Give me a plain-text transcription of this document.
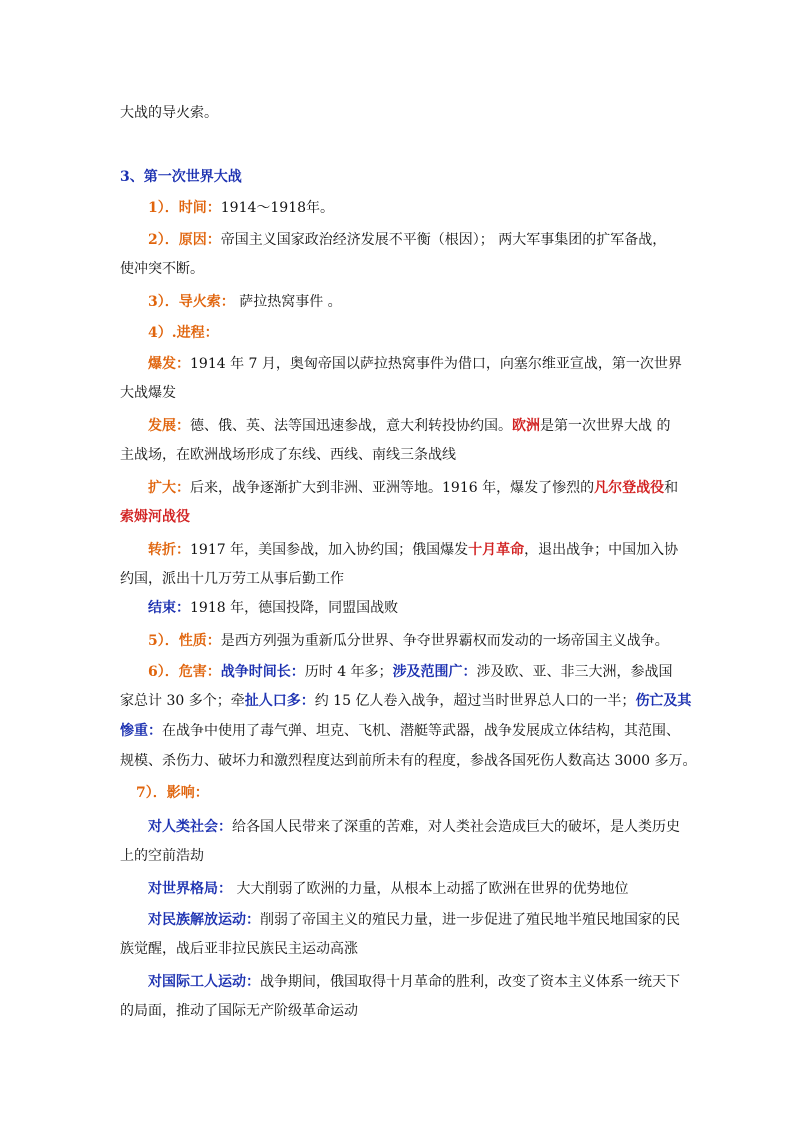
大战的导火索。
3、第一次世界大战
1）．时间：1914～1918年。
2）．原因：帝国主义国家政治经济发展不平衡（根因）； 两大军事集团的扩军备战，
使冲突不断。
3）．导火索： 萨拉热窝事件 。
4）.进程：
爆发：1914 年 7 月，奥匈帝国以萨拉热窝事件为借口，向塞尔维亚宣战，第一次世界
大战爆发
发展：德、俄、英、法等国迅速参战，意大利转投协约国。欧洲是第一次世界大战 的
主战场，在欧洲战场形成了东线、西线、南线三条战线
扩大：后来，战争逐渐扩大到非洲、亚洲等地。1916 年，爆发了惨烈的凡尔登战役和
索姆河战役
转折：1917 年，美国参战，加入协约国；俄国爆发十月革命，退出战争；中国加入协
约国，派出十几万劳工从事后勤工作
结束：1918 年，德国投降，同盟国战败
5）．性质：是西方列强为重新瓜分世界、争夺世界霸权而发动的一场帝国主义战争。
6）．危害：战争时间长：历时 4 年多；涉及范围广：涉及欧、亚、非三大洲，参战国
家总计 30 多个；牵扯人口多：约 15 亿人卷入战争，超过当时世界总人口的一半；伤亡及其
惨重：在战争中使用了毒气弹、坦克、飞机、潜艇等武器，战争发展成立体结构，其范围、
规模、杀伤力、破坏力和激烈程度达到前所未有的程度，参战各国死伤人数高达 3000 多万。
7）．影响：
对人类社会：给各国人民带来了深重的苦难，对人类社会造成巨大的破坏，是人类历史
上的空前浩劫
对世界格局： 大大削弱了欧洲的力量，从根本上动摇了欧洲在世界的优势地位
对民族解放运动：削弱了帝国主义的殖民力量，进一步促进了殖民地半殖民地国家的民
族觉醒，战后亚非拉民族民主运动高涨
对国际工人运动：战争期间，俄国取得十月革命的胜利，改变了资本主义体系一统天下
的局面，推动了国际无产阶级革命运动
